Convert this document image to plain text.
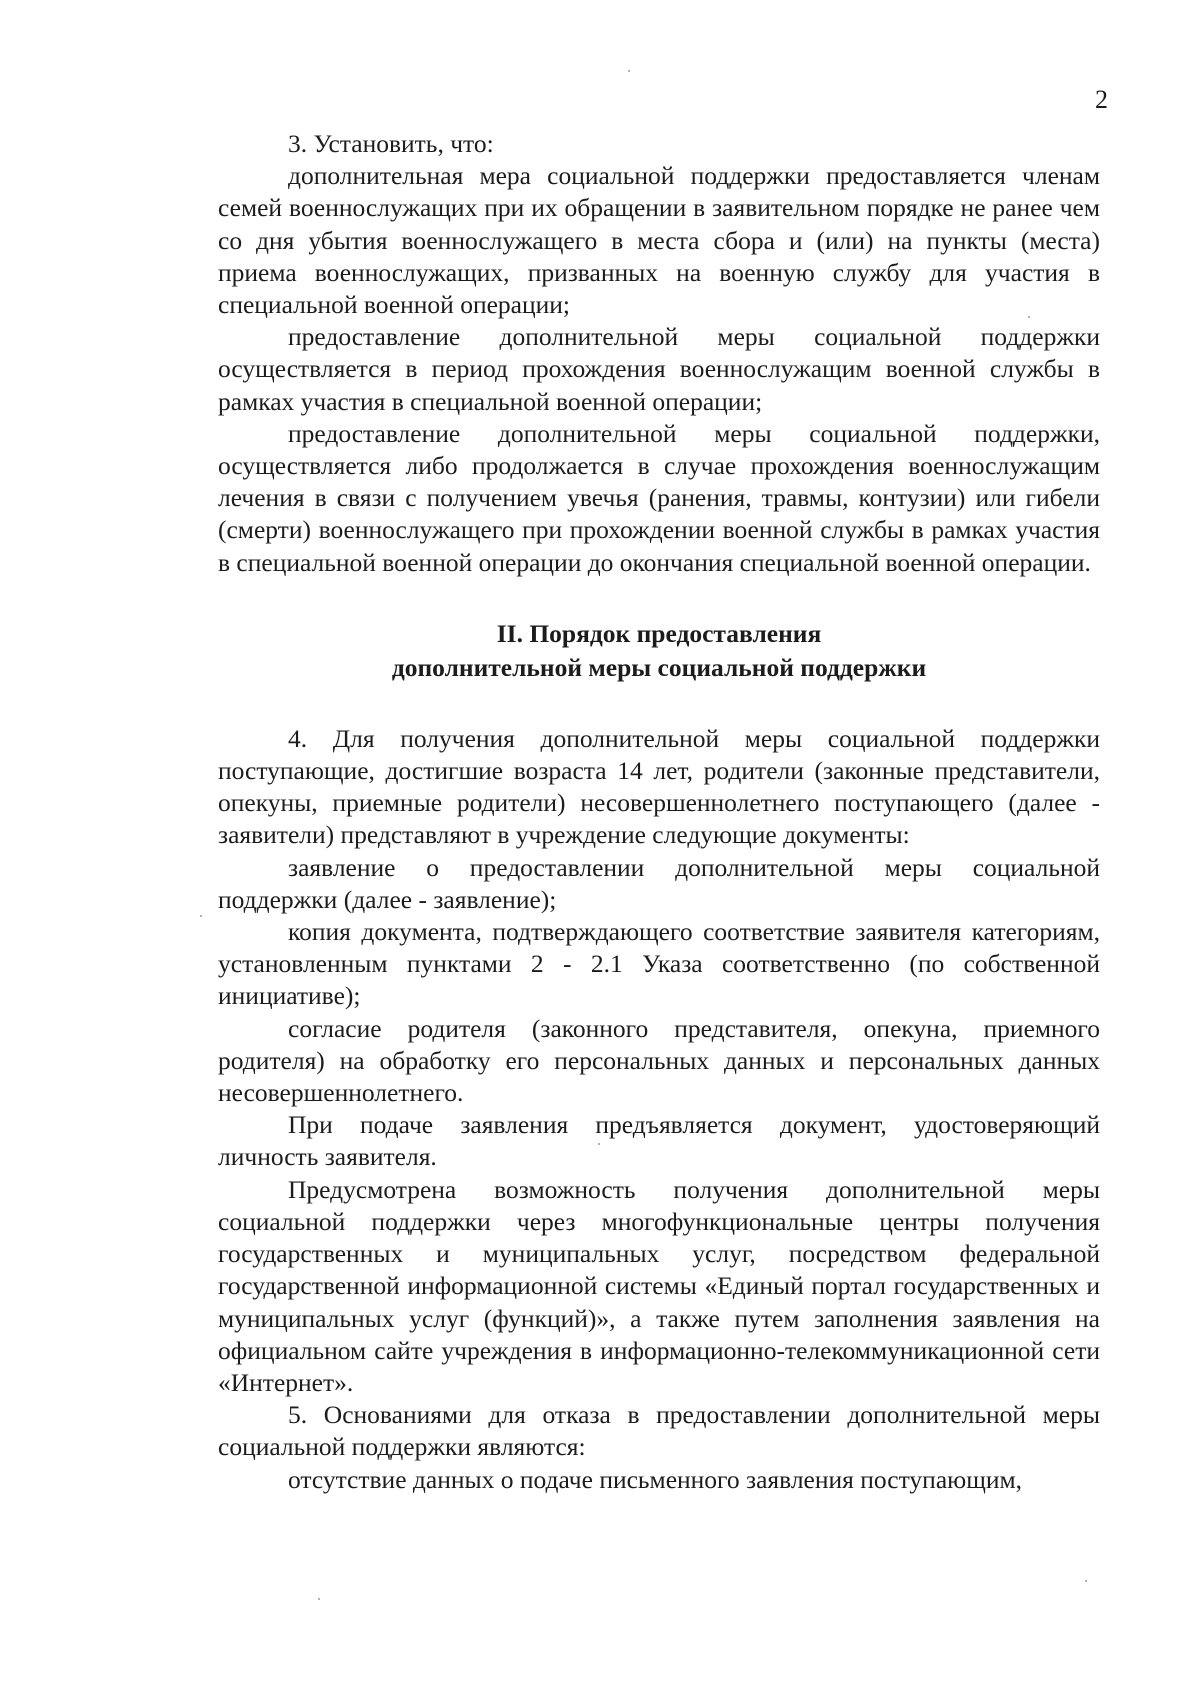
2

3. Установить, что:

дополнительная мера социальной поддержки предоставляется членам семей военнослужащих при их обращении в заявительном порядке не ранее чем со дня убытия военнослужащего в места сбора и (или) на пункты (места) приема военнослужащих, призванных на военную службу для участия в специальной военной операции;

предоставление дополнительной меры социальной поддержки осуществляется в период прохождения военнослужащим военной службы в рамках участия в специальной военной операции;

предоставление дополнительной меры социальной поддержки, осуществляется либо продолжается в случае прохождения военнослужащим лечения в связи с получением увечья (ранения, травмы, контузии) или гибели (смерти) военнослужащего при прохождении военной службы в рамках участия в специальной военной операции до окончания специальной военной операции.

II. Порядок предоставления
дополнительной меры социальной поддержки

4. Для получения дополнительной меры социальной поддержки поступающие, достигшие возраста 14 лет, родители (законные представители, опекуны, приемные родители) несовершеннолетнего поступающего (далее - заявители) представляют в учреждение следующие документы:

заявление о предоставлении дополнительной меры социальной поддержки (далее - заявление);

копия документа, подтверждающего соответствие заявителя категориям, установленным пунктами 2 - 2.1 Указа соответственно (по собственной инициативе);

согласие родителя (законного представителя, опекуна, приемного родителя) на обработку его персональных данных и персональных данных несовершеннолетнего.

При подаче заявления предъявляется документ, удостоверяющий личность заявителя.

Предусмотрена возможность получения дополнительной меры социальной поддержки через многофункциональные центры получения государственных и муниципальных услуг, посредством федеральной государственной информационной системы «Единый портал государственных и муниципальных услуг (функций)», а также путем заполнения заявления на официальном сайте учреждения в информационно-телекоммуникационной сети «Интернет».

5. Основаниями для отказа в предоставлении дополнительной меры социальной поддержки являются:

отсутствие данных о подаче письменного заявления поступающим,
